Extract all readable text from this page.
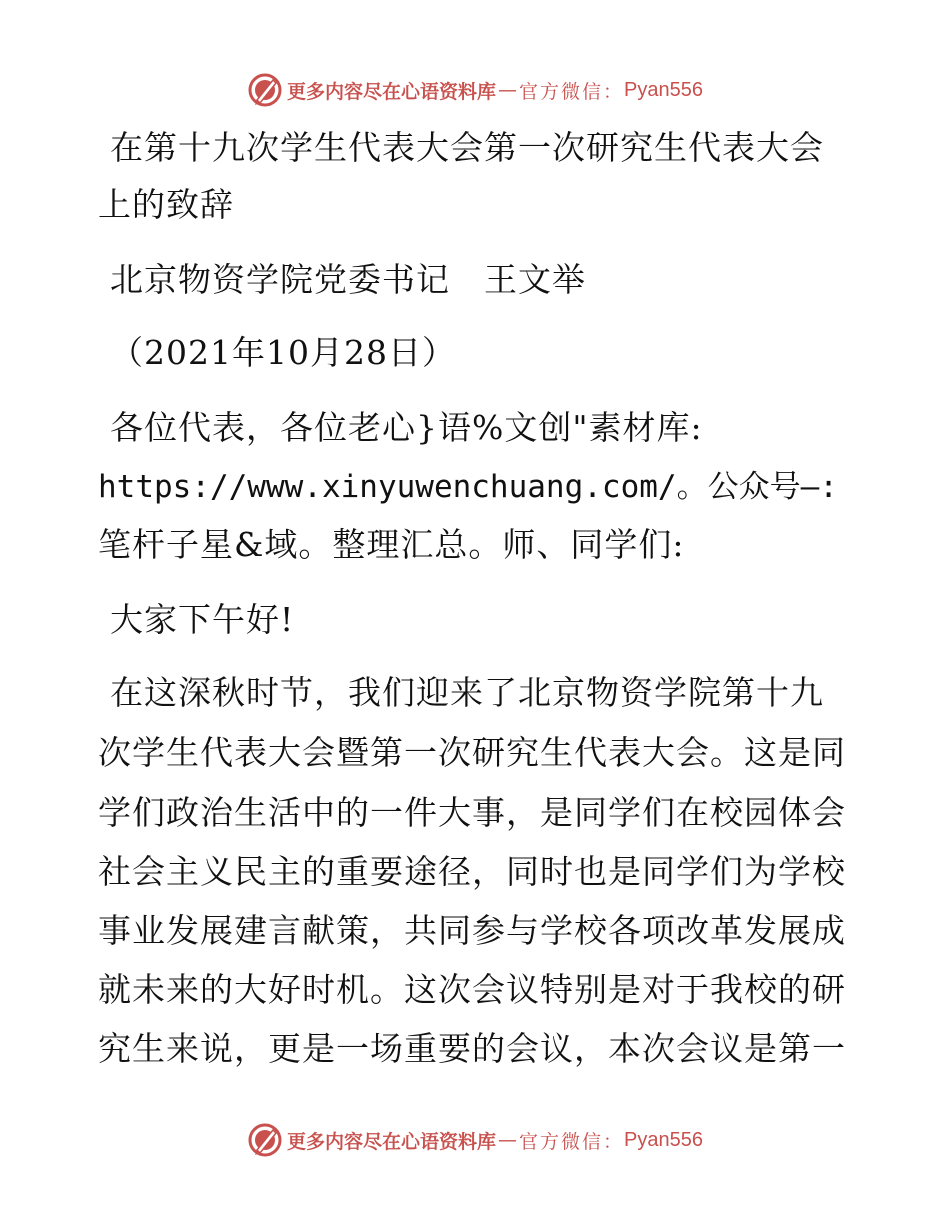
更多内容尽在心语资料库 — 官方微信： Pyan556
在第十九次学生代表大会第一次研究生代表大会
上的致辞
北京物资学院党委书记　王文举
（2021年10月28日）
各位代表，各位老心}语%文创"素材库:
https://www.xinyuwenchuang.com/。公众号—:
笔杆子星&域。整理汇总。师、同学们:
大家下午好!
在这深秋时节，我们迎来了北京物资学院第十九
次学生代表大会暨第一次研究生代表大会。这是同
学们政治生活中的一件大事，是同学们在校园体会
社会主义民主的重要途径，同时也是同学们为学校
事业发展建言献策，共同参与学校各项改革发展成
就未来的大好时机。这次会议特别是对于我校的研
究生来说，更是一场重要的会议，本次会议是第一
更多内容尽在心语资料库 — 官方微信： Pyan556
